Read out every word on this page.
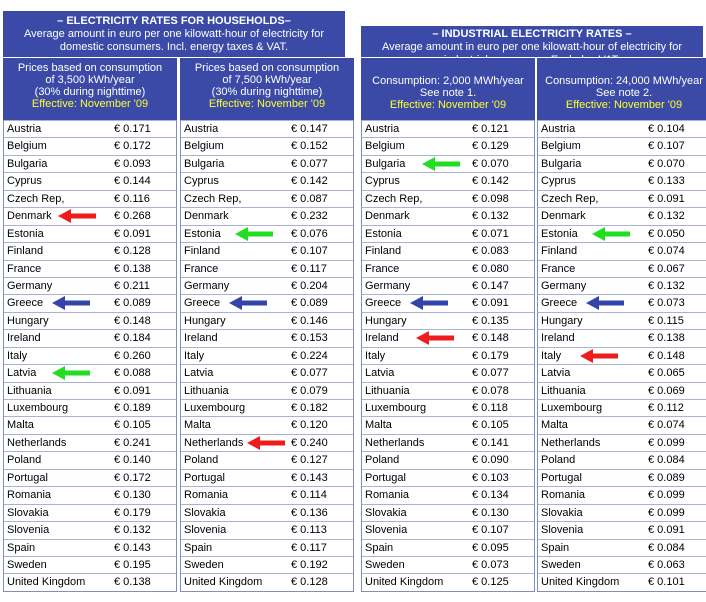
– ELECTRICITY RATES FOR HOUSEHOLDS–
Average amount in euro per one kilowatt-hour of electricity for
domestic consumers. Incl. energy taxes & VAT.
– INDUSTRIAL ELECTRICITY RATES –
Average amount in euro per one kilowatt-hour of electricity for
Prices based on consumption
of 3,500 kWh/year
(30% during nighttime)
Effective: November '09
Austria	€ 0.171
Belgium	€ 0.172
Bulgaria	€ 0.093
Cyprus	€ 0.144
Czech Rep,	€ 0.116
Denmark	€ 0.268
Estonia	€ 0.091
Finland	€ 0.128
France	€ 0.138
Germany	€ 0.211
Greece	€ 0.089
Hungary	€ 0.148
Ireland	€ 0.184
Italy	€ 0.260
Latvia	€ 0.088
Lithuania	€ 0.091
Luxembourg	€ 0.189
Malta	€ 0.105
Netherlands	€ 0.241
Poland	€ 0.140
Portugal	€ 0.172
Romania	€ 0.130
Slovakia	€ 0.179
Slovenia	€ 0.132
Spain	€ 0.143
Sweden	€ 0.195
United Kingdom	€ 0.138
Prices based on consumption
of 7,500 kWh/year
(30% during nighttime)
Effective: November '09
Austria	€ 0.147
Belgium	€ 0.152
Bulgaria	€ 0.077
Cyprus	€ 0.142
Czech Rep,	€ 0.087
Denmark	€ 0.232
Estonia	€ 0.076
Finland	€ 0.107
France	€ 0.117
Germany	€ 0.204
Greece	€ 0.089
Hungary	€ 0.146
Ireland	€ 0.153
Italy	€ 0.224
Latvia	€ 0.077
Lithuania	€ 0.079
Luxembourg	€ 0.182
Malta	€ 0.120
Netherlands	€ 0.240
Poland	€ 0.127
Portugal	€ 0.143
Romania	€ 0.114
Slovakia	€ 0.136
Slovenia	€ 0.113
Spain	€ 0.117
Sweden	€ 0.192
United Kingdom	€ 0.128
Consumption: 2,000 MWh/year
See note 1.
Effective: November '09
Austria	€ 0.121
Belgium	€ 0.129
Bulgaria	€ 0.070
Cyprus	€ 0.142
Czech Rep,	€ 0.098
Denmark	€ 0.132
Estonia	€ 0.071
Finland	€ 0.083
France	€ 0.080
Germany	€ 0.147
Greece	€ 0.091
Hungary	€ 0.135
Ireland	€ 0.148
Italy	€ 0.179
Latvia	€ 0.077
Lithuania	€ 0.078
Luxembourg	€ 0.118
Malta	€ 0.105
Netherlands	€ 0.141
Poland	€ 0.090
Portugal	€ 0.103
Romania	€ 0.134
Slovakia	€ 0.130
Slovenia	€ 0.107
Spain	€ 0.095
Sweden	€ 0.073
United Kingdom	€ 0.125
Consumption: 24,000 MWh/year
See note 2.
Effective: November '09
Austria	€ 0.104
Belgium	€ 0.107
Bulgaria	€ 0.070
Cyprus	€ 0.133
Czech Rep,	€ 0.091
Denmark	€ 0.132
Estonia	€ 0.050
Finland	€ 0.074
France	€ 0.067
Germany	€ 0.132
Greece	€ 0.073
Hungary	€ 0.115
Ireland	€ 0.138
Italy	€ 0.148
Latvia	€ 0.065
Lithuania	€ 0.069
Luxembourg	€ 0.112
Malta	€ 0.074
Netherlands	€ 0.099
Poland	€ 0.084
Portugal	€ 0.089
Romania	€ 0.099
Slovakia	€ 0.099
Slovenia	€ 0.091
Spain	€ 0.084
Sweden	€ 0.063
United Kingdom	€ 0.101
